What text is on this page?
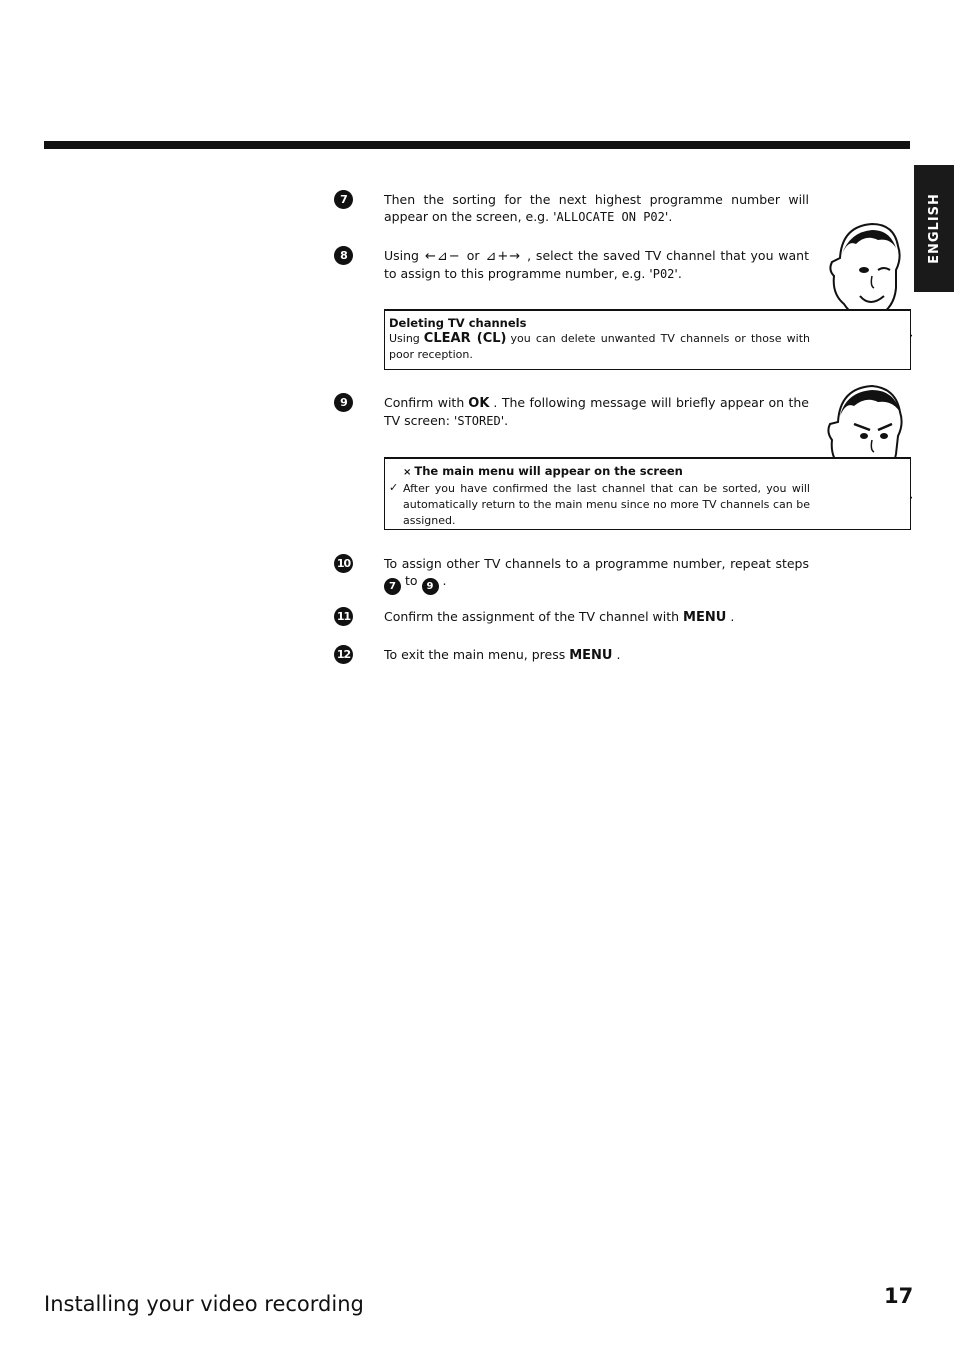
ENGLISH
7	Then the sorting for the next highest programme number will appear on the screen, e.g. 'ALLOCATE ON P02'.
8	Using ←⊿− or ⊿+→ , select the saved TV channel that you want to assign to this programme number, e.g. 'P02'.
Deleting TV channels
Using CLEAR (CL) you can delete unwanted TV channels or those with poor reception.
9	Confirm with OK . The following message will briefly appear on the TV screen: 'STORED'.
× The main menu will appear on the screen
✓ After you have confirmed the last channel that can be sorted, you will automatically return to the main menu since no more TV channels can be assigned.
10	To assign other TV channels to a programme number, repeat steps 7 to 9 .
11	Confirm the assignment of the TV channel with MENU .
12	To exit the main menu, press MENU .
Installing your video recording	17
